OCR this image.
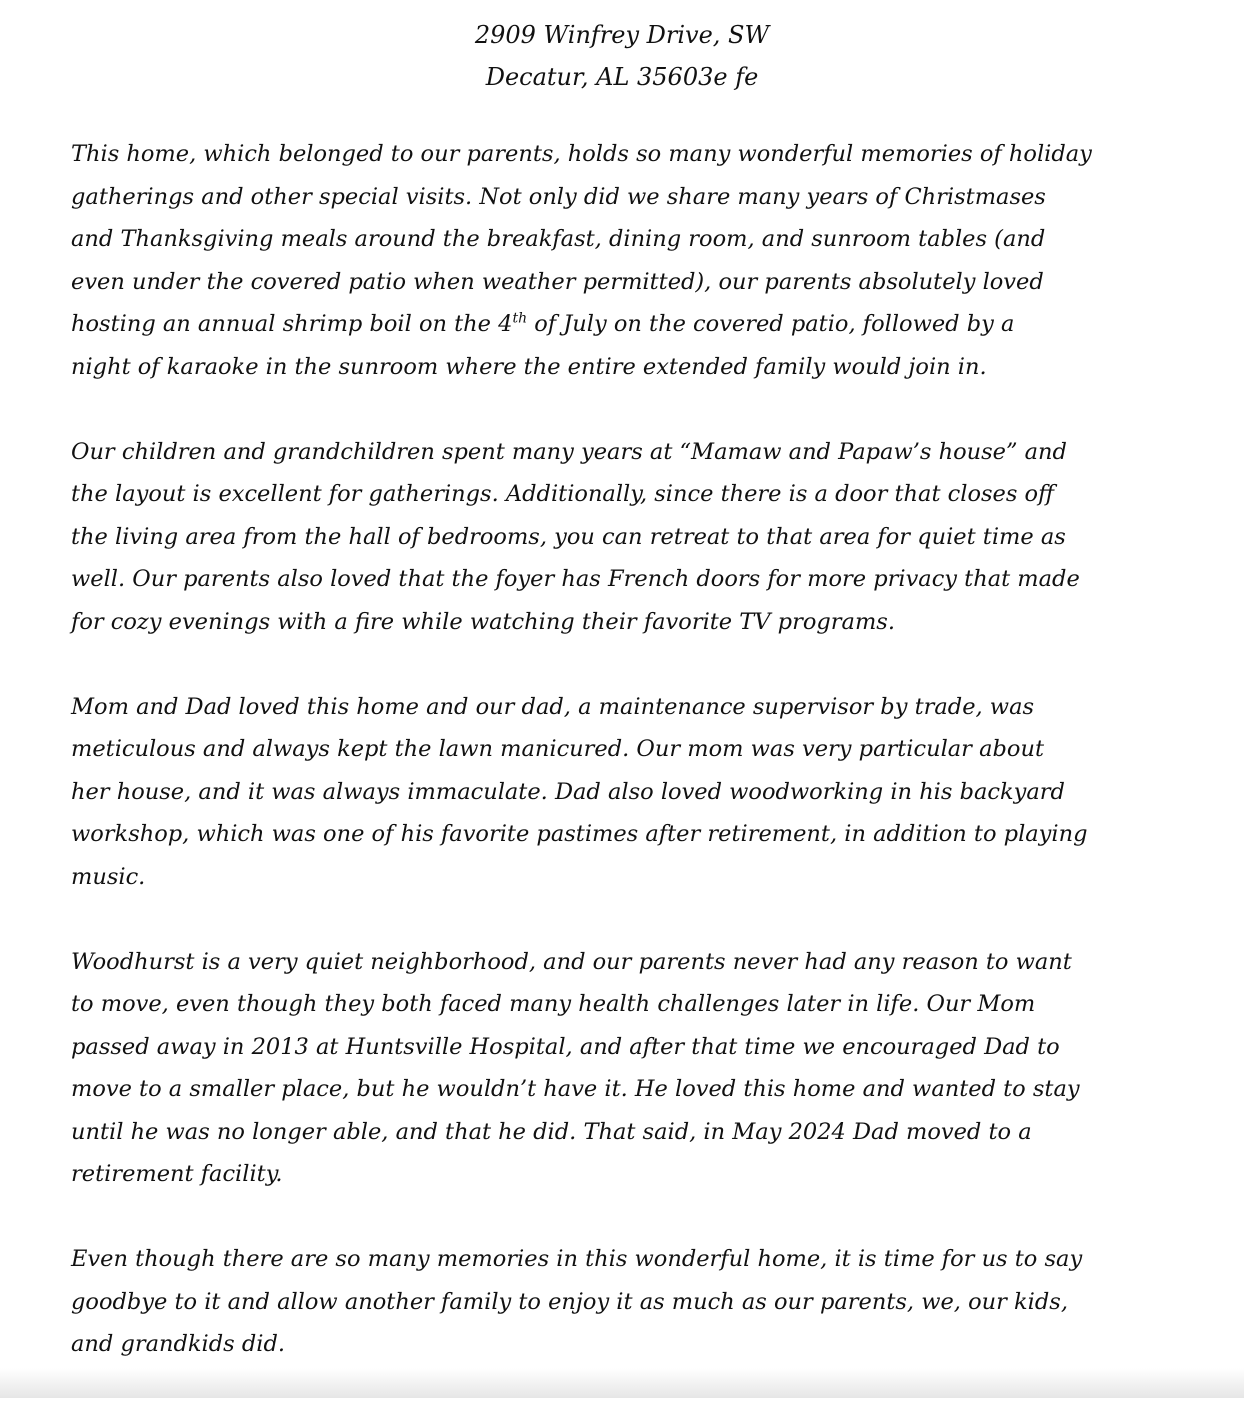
2909 Winfrey Drive, SW
Decatur, AL 35603e fe
This home, which belonged to our parents, holds so many wonderful memories of holiday
gatherings and other special visits. Not only did we share many years of Christmases
and Thanksgiving meals around the breakfast, dining room, and sunroom tables (and
even under the covered patio when weather permitted), our parents absolutely loved
hosting an annual shrimp boil on the 4th of July on the covered patio, followed by a
night of karaoke in the sunroom where the entire extended family would join in.
Our children and grandchildren spent many years at “Mamaw and Papaw’s house” and
the layout is excellent for gatherings. Additionally, since there is a door that closes off
the living area from the hall of bedrooms, you can retreat to that area for quiet time as
well. Our parents also loved that the foyer has French doors for more privacy that made
for cozy evenings with a fire while watching their favorite TV programs.
Mom and Dad loved this home and our dad, a maintenance supervisor by trade, was
meticulous and always kept the lawn manicured. Our mom was very particular about
her house, and it was always immaculate. Dad also loved woodworking in his backyard
workshop, which was one of his favorite pastimes after retirement, in addition to playing
music.
Woodhurst is a very quiet neighborhood, and our parents never had any reason to want
to move, even though they both faced many health challenges later in life. Our Mom
passed away in 2013 at Huntsville Hospital, and after that time we encouraged Dad to
move to a smaller place, but he wouldn’t have it. He loved this home and wanted to stay
until he was no longer able, and that he did. That said, in May 2024 Dad moved to a
retirement facility.
Even though there are so many memories in this wonderful home, it is time for us to say
goodbye to it and allow another family to enjoy it as much as our parents, we, our kids,
and grandkids did.
